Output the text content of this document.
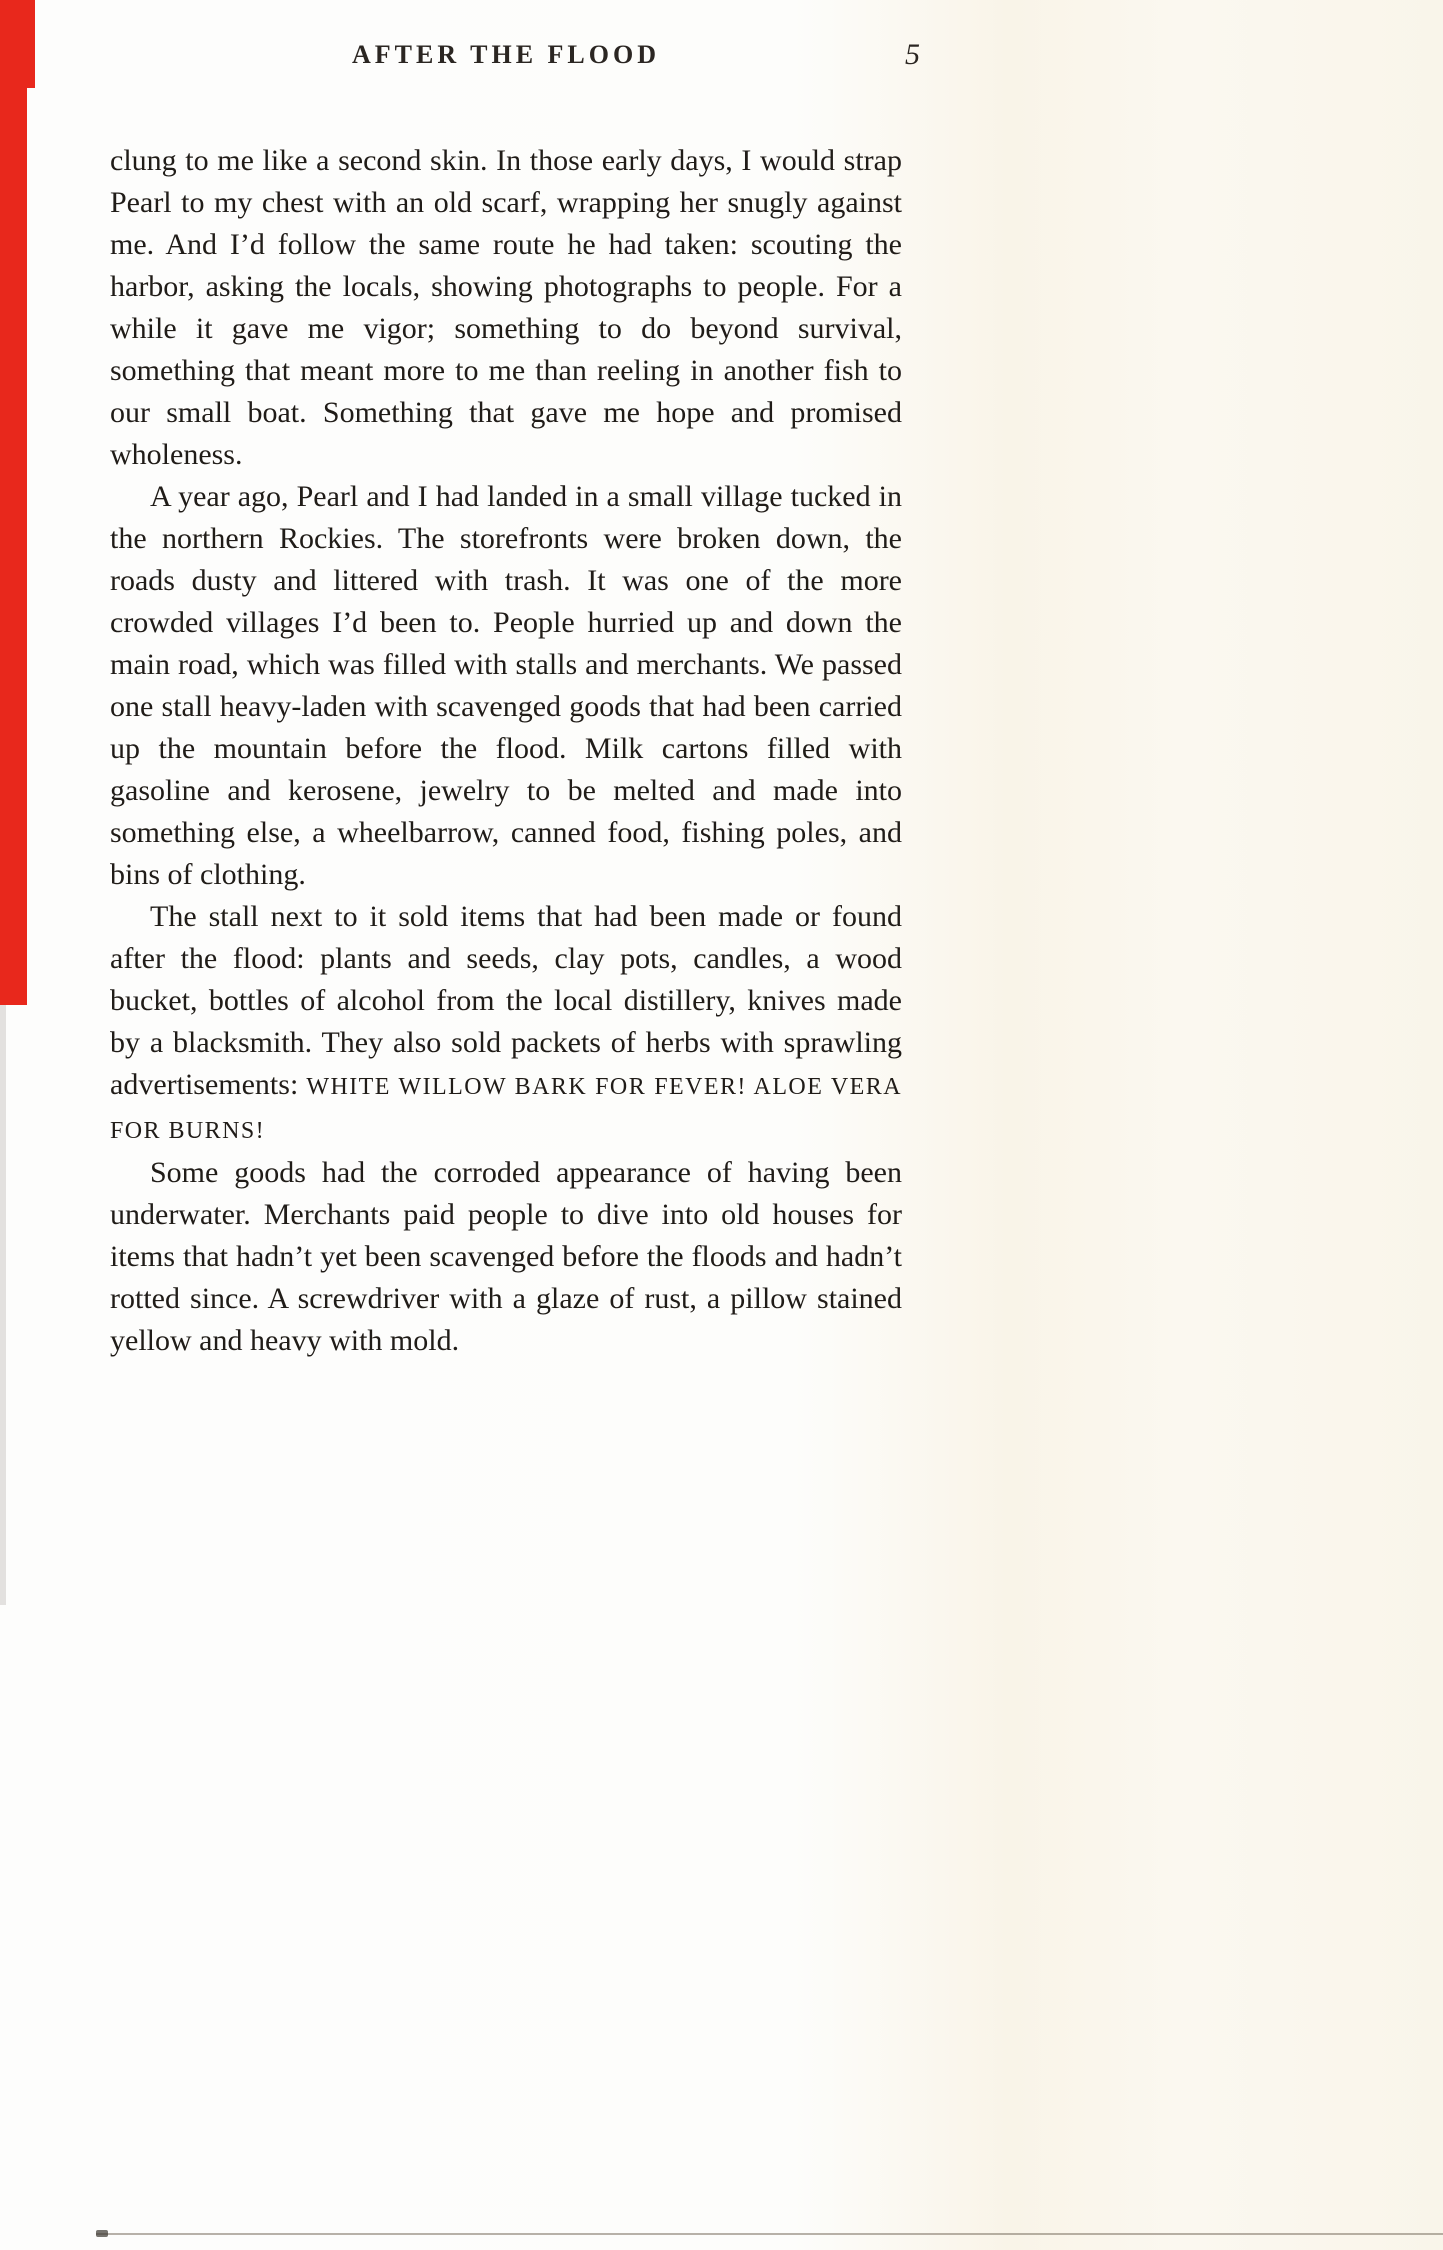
AFTER THE FLOOD	5

clung to me like a second skin. In those early days, I would strap Pearl to my chest with an old scarf, wrapping her snugly against me. And I’d follow the same route he had taken: scouting the harbor, asking the locals, showing photographs to people. For a while it gave me vigor; something to do beyond survival, something that meant more to me than reeling in another fish to our small boat. Something that gave me hope and promised wholeness.

A year ago, Pearl and I had landed in a small village tucked in the northern Rockies. The storefronts were broken down, the roads dusty and littered with trash. It was one of the more crowded villages I’d been to. People hurried up and down the main road, which was filled with stalls and merchants. We passed one stall heavy-laden with scavenged goods that had been carried up the mountain before the flood. Milk cartons filled with gasoline and kerosene, jewelry to be melted and made into something else, a wheelbarrow, canned food, fishing poles, and bins of clothing.

The stall next to it sold items that had been made or found after the flood: plants and seeds, clay pots, candles, a wood bucket, bottles of alcohol from the local distillery, knives made by a blacksmith. They also sold packets of herbs with sprawling advertisements: WHITE WILLOW BARK FOR FEVER! ALOE VERA FOR BURNS!

Some goods had the corroded appearance of having been underwater. Merchants paid people to dive into old houses for items that hadn’t yet been scavenged before the floods and hadn’t rotted since. A screwdriver with a glaze of rust, a pillow stained yellow and heavy with mold.
